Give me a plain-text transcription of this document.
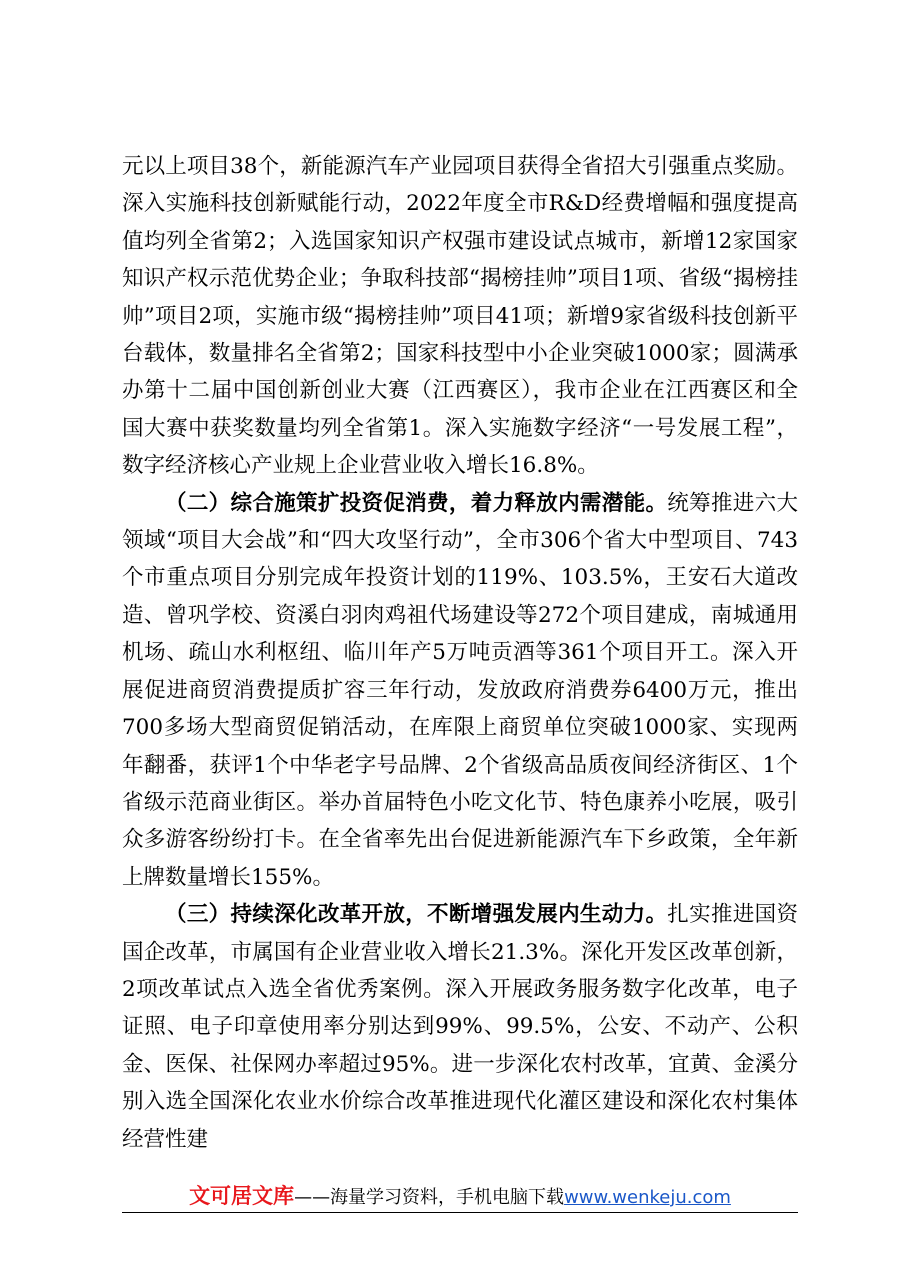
元以上项目38个，新能源汽车产业园项目获得全省招大引强重点奖励。深入实施科技创新赋能行动，2022年度全市R&D经费增幅和强度提高值均列全省第2；入选国家知识产权强市建设试点城市，新增12家国家知识产权示范优势企业；争取科技部“揭榜挂帅”项目1项、省级“揭榜挂帅”项目2项，实施市级“揭榜挂帅”项目41项；新增9家省级科技创新平台载体，数量排名全省第2；国家科技型中小企业突破1000家；圆满承办第十二届中国创新创业大赛（江西赛区），我市企业在江西赛区和全国大赛中获奖数量均列全省第1。深入实施数字经济“一号发展工程”，数字经济核心产业规上企业营业收入增长16.8%。

（二）综合施策扩投资促消费，着力释放内需潜能。统筹推进六大领域“项目大会战”和“四大攻坚行动”，全市306个省大中型项目、743个市重点项目分别完成年投资计划的119%、103.5%，王安石大道改造、曾巩学校、资溪白羽肉鸡祖代场建设等272个项目建成，南城通用机场、疏山水利枢纽、临川年产5万吨贡酒等361个项目开工。深入开展促进商贸消费提质扩容三年行动，发放政府消费券6400万元，推出700多场大型商贸促销活动，在库限上商贸单位突破1000家、实现两年翻番，获评1个中华老字号品牌、2个省级高品质夜间经济街区、1个省级示范商业街区。举办首届特色小吃文化节、特色康养小吃展，吸引众多游客纷纷打卡。在全省率先出台促进新能源汽车下乡政策，全年新上牌数量增长155%。

（三）持续深化改革开放，不断增强发展内生动力。扎实推进国资国企改革，市属国有企业营业收入增长21.3%。深化开发区改革创新，2项改革试点入选全省优秀案例。深入开展政务服务数字化改革，电子证照、电子印章使用率分别达到99%、99.5%，公安、不动产、公积金、医保、社保网办率超过95%。进一步深化农村改革，宜黄、金溪分别入选全国深化农业水价综合改革推进现代化灌区建设和深化农村集体经营性建

文可居文库——海量学习资料，手机电脑下载www.wenkeju.com
